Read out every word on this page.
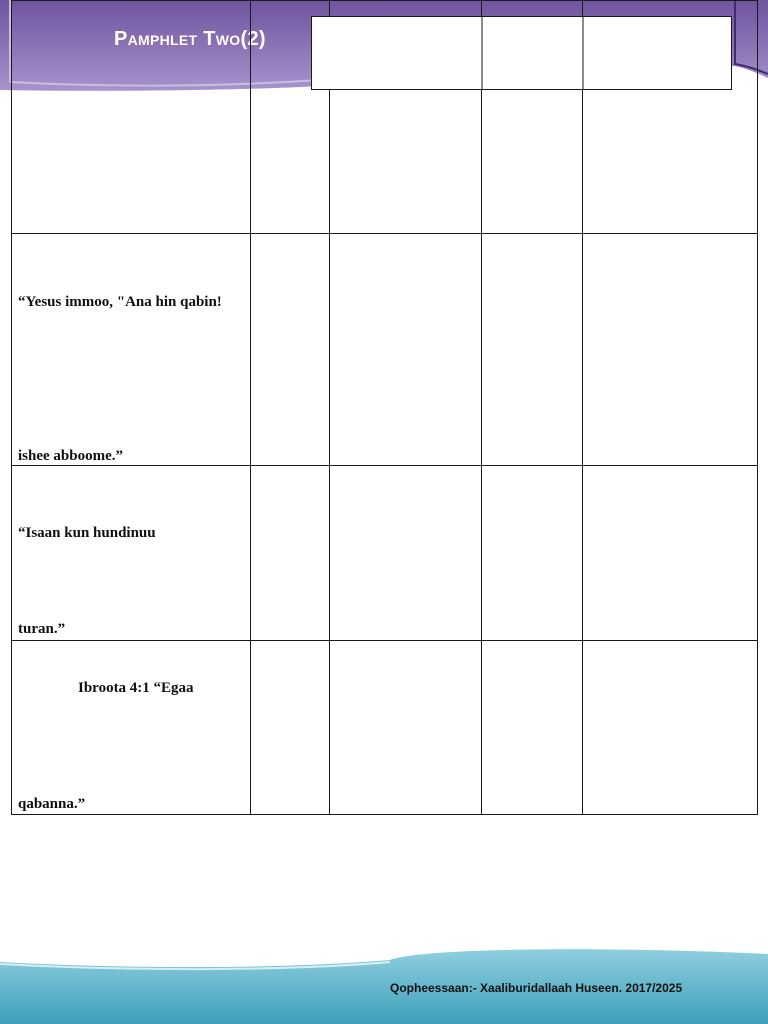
Pamphlet Two(2)

“Yesus immoo, "Ana hin qabin!
ishee abboome.”				

“Isaan kun hundinuu
turan.”				

Ibroota 4:1 “Egaa
qabanna.”				

Qopheessaan:- Xaaliburidallaah Huseen. 2017/2025
